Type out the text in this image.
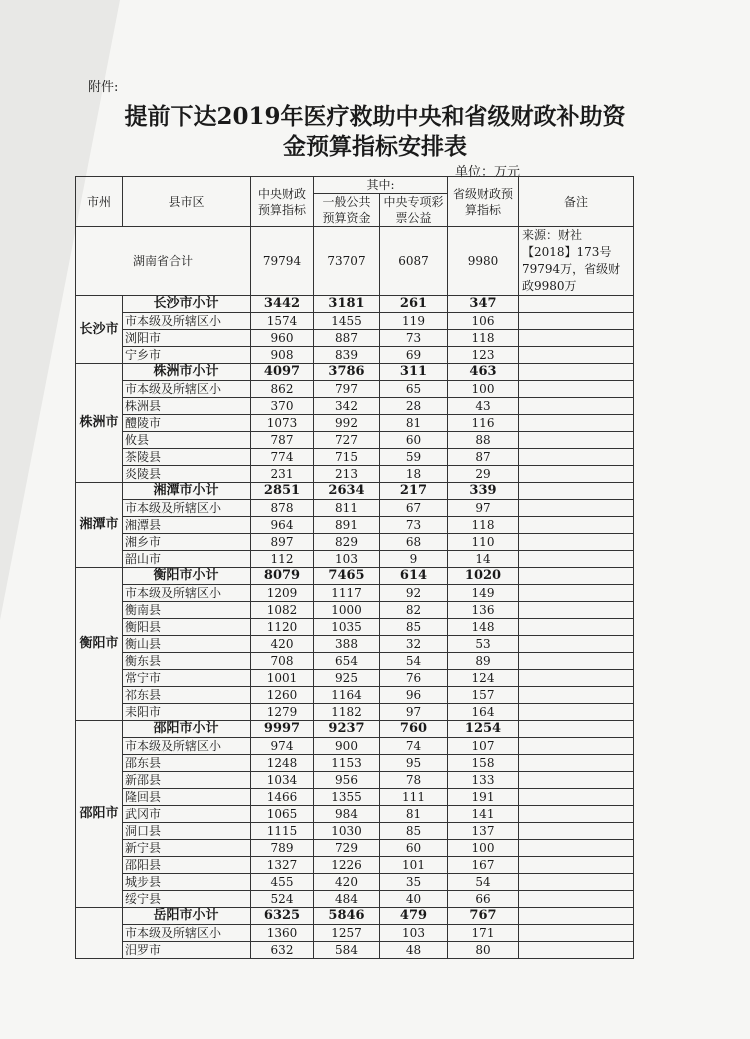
附件:
提前下达2019年医疗救助中央和省级财政补助资
金预算指标安排表
单位：万元
市州	县市区	中央财政预算指标	其中:		省级财政预算指标	备注
			一般公共预算资金	中央专项彩票公益		
湖南省合计		79794	73707	6087	9980	来源：财社【2018】173号79794万，省级财政9980万
长沙市	长沙市小计	3442	3181	261	347	
	市本级及所辖区小	1574	1455	119	106	
	浏阳市	960	887	73	118	
	宁乡市	908	839	69	123	
株洲市	株洲市小计	4097	3786	311	463	
	市本级及所辖区小	862	797	65	100	
	株洲县	370	342	28	43	
	醴陵市	1073	992	81	116	
	攸县	787	727	60	88	
	茶陵县	774	715	59	87	
	炎陵县	231	213	18	29	
湘潭市	湘潭市小计	2851	2634	217	339	
	市本级及所辖区小	878	811	67	97	
	湘潭县	964	891	73	118	
	湘乡市	897	829	68	110	
	韶山市	112	103	9	14	
衡阳市	衡阳市小计	8079	7465	614	1020	
	市本级及所辖区小	1209	1117	92	149	
	衡南县	1082	1000	82	136	
	衡阳县	1120	1035	85	148	
	衡山县	420	388	32	53	
	衡东县	708	654	54	89	
	常宁市	1001	925	76	124	
	祁东县	1260	1164	96	157	
	耒阳市	1279	1182	97	164	
邵阳市	邵阳市小计	9997	9237	760	1254	
	市本级及所辖区小	974	900	74	107	
	邵东县	1248	1153	95	158	
	新邵县	1034	956	78	133	
	隆回县	1466	1355	111	191	
	武冈市	1065	984	81	141	
	洞口县	1115	1030	85	137	
	新宁县	789	729	60	100	
	邵阳县	1327	1226	101	167	
	城步县	455	420	35	54	
	绥宁县	524	484	40	66	
	岳阳市小计	6325	5846	479	767	
	市本级及所辖区小	1360	1257	103	171	
	汨罗市	632	584	48	80	
